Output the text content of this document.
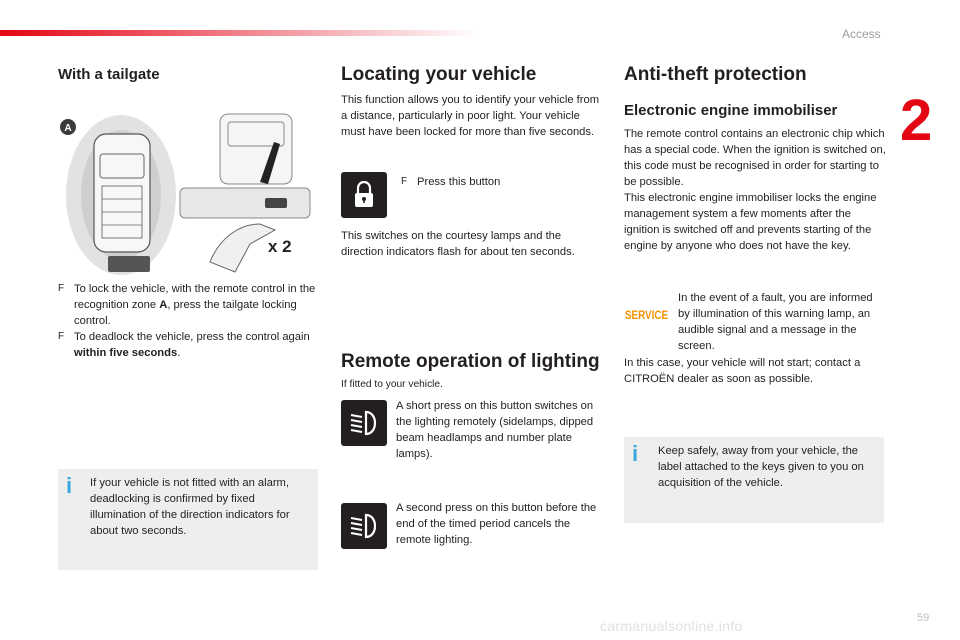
Access
2
With a tailgate
A
x 2
F To lock the vehicle, with the remote control in the recognition zone A, press the tailgate locking control.
F To deadlock the vehicle, press the control again within five seconds.
i If your vehicle is not fitted with an alarm, deadlocking is confirmed by fixed illumination of the direction indicators for about two seconds.

Locating your vehicle

This function allows you to identify your vehicle from a distance, particularly in poor light. Your vehicle must have been locked for more than five seconds.

F Press this button

This switches on the courtesy lamps and the direction indicators flash for about ten seconds.

Remote operation of lighting

If fitted to your vehicle.

A short press on this button switches on the lighting remotely (sidelamps, dipped beam headlamps and number plate lamps).

A second press on this button before the end of the timed period cancels the remote lighting.

Anti-theft protection
Electronic engine immobiliser

The remote control contains an electronic chip which has a special code. When the ignition is switched on, this code must be recognised in order for starting to be possible.

This electronic engine immobiliser locks the engine management system a few moments after the ignition is switched off and prevents starting of the engine by anyone who does not have the key.

SERVICE

In the event of a fault, you are informed by illumination of this warning lamp, an audible signal and a message in the screen.

In this case, your vehicle will not start; contact a CITROËN dealer as soon as possible.

i Keep safely, away from your vehicle, the label attached to the keys given to you on acquisition of the vehicle.

carmanualsonline.info	59
